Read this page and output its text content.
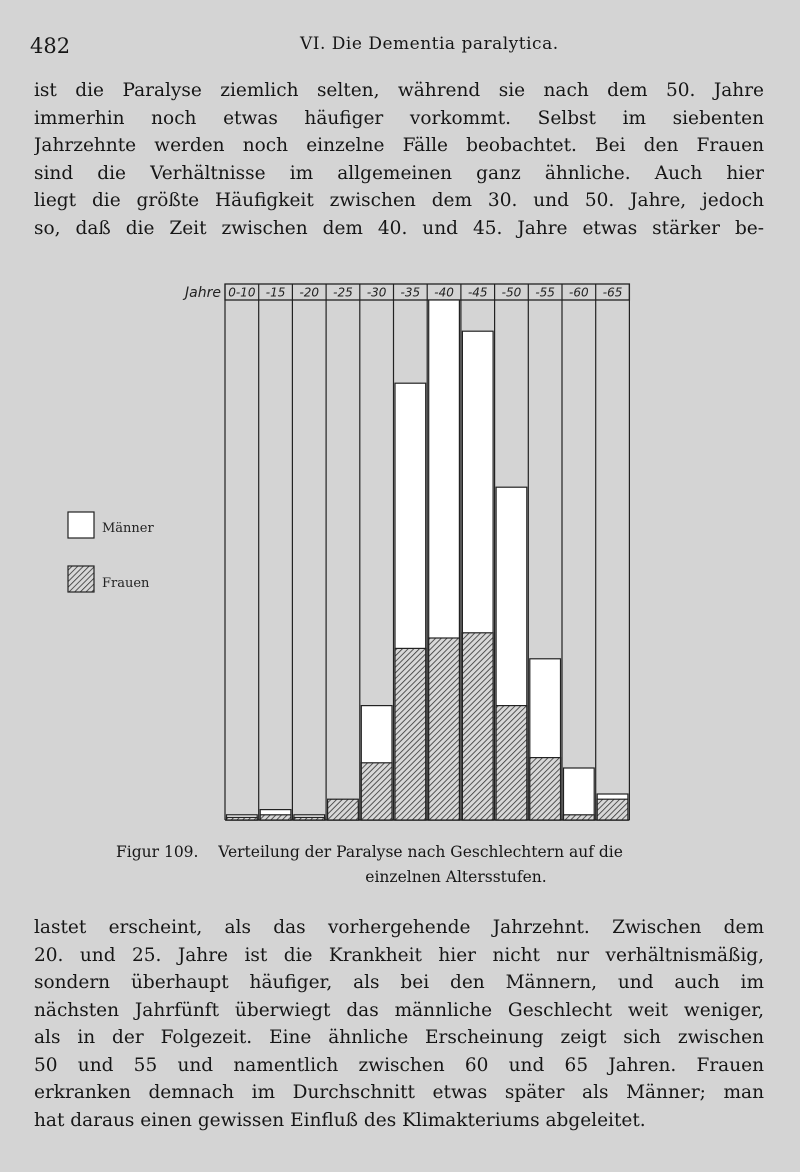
482	VI. Die Dementia paralytica.
ist die Paralyse ziemlich selten, während sie nach dem 50. Jahre
immerhin noch etwas häufiger vorkommt. Selbst im siebenten
Jahrzehnte werden noch einzelne Fälle beobachtet. Bei den Frauen
sind die Verhältnisse im allgemeinen ganz ähnliche. Auch hier
liegt die größte Häufigkeit zwischen dem 30. und 50. Jahre, jedoch
so, daß die Zeit zwischen dem 40. und 45. Jahre etwas stärker be-
Jahre 0-10 -15 -20 -25 -30 -35 -40 -45 -50 -55 -60 -65
Männer
Frauen
Figur 109. Verteilung der Paralyse nach Geschlechtern auf die
einzelnen Altersstufen.
lastet erscheint, als das vorhergehende Jahrzehnt. Zwischen dem
20. und 25. Jahre ist die Krankheit hier nicht nur verhältnismäßig,
sondern überhaupt häufiger, als bei den Männern, und auch im
nächsten Jahrfünft überwiegt das männliche Geschlecht weit weniger,
als in der Folgezeit. Eine ähnliche Erscheinung zeigt sich zwischen
50 und 55 und namentlich zwischen 60 und 65 Jahren. Frauen
erkranken demnach im Durchschnitt etwas später als Männer; man
hat daraus einen gewissen Einfluß des Klimakteriums abgeleitet.
